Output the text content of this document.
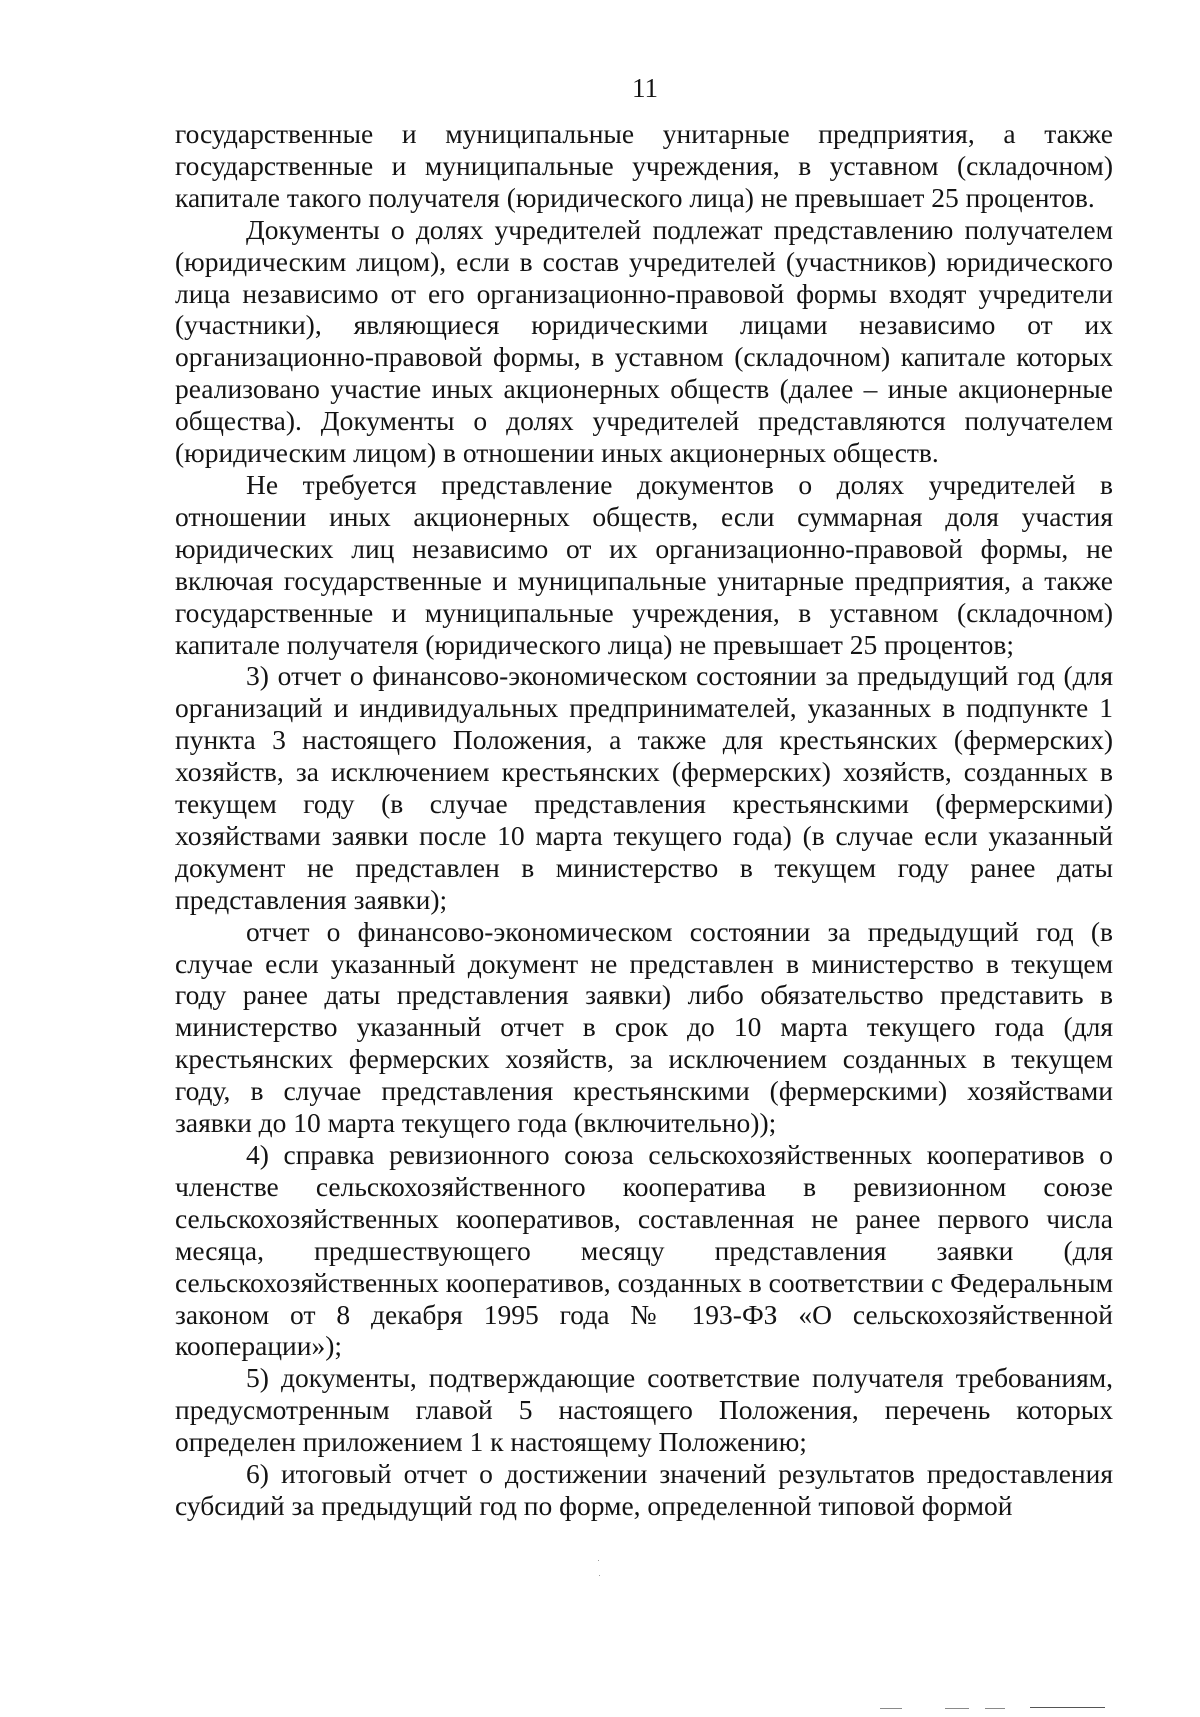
11

государственные и муниципальные унитарные предприятия, а также государственные и муниципальные учреждения, в уставном (складочном) капитале такого получателя (юридического лица) не превышает 25 процентов.

Документы о долях учредителей подлежат представлению получателем (юридическим лицом), если в состав учредителей (участников) юридического лица независимо от его организационно-правовой формы входят учредители (участники), являющиеся юридическими лицами независимо от их организационно-правовой формы, в уставном (складочном) капитале которых реализовано участие иных акционерных обществ (далее – иные акционерные общества). Документы о долях учредителей представляются получателем (юридическим лицом) в отношении иных акционерных обществ.

Не требуется представление документов о долях учредителей в отношении иных акционерных обществ, если суммарная доля участия юридических лиц независимо от их организационно-правовой формы, не включая государственные и муниципальные унитарные предприятия, а также государственные и муниципальные учреждения, в уставном (складочном) капитале получателя (юридического лица) не превышает 25 процентов;

3) отчет о финансово-экономическом состоянии за предыдущий год (для организаций и индивидуальных предпринимателей, указанных в подпункте 1 пункта 3 настоящего Положения, а также для крестьянских (фермерских) хозяйств, за исключением крестьянских (фермерских) хозяйств, созданных в текущем году (в случае представления крестьянскими (фермерскими) хозяйствами заявки после 10 марта текущего года) (в случае если указанный документ не представлен в министерство в текущем году ранее даты представления заявки);

отчет о финансово-экономическом состоянии за предыдущий год (в случае если указанный документ не представлен в министерство в текущем году ранее даты представления заявки) либо обязательство представить в министерство указанный отчет в срок до 10 марта текущего года (для крестьянских фермерских хозяйств, за исключением созданных в текущем году, в случае представления крестьянскими (фермерскими) хозяйствами заявки до 10 марта текущего года (включительно));

4) справка ревизионного союза сельскохозяйственных кооперативов о членстве сельскохозяйственного кооператива в ревизионном союзе сельскохозяйственных кооперативов, составленная не ранее первого числа месяца, предшествующего месяцу представления заявки (для сельскохозяйственных кооперативов, созданных в соответствии с Федеральным законом от 8 декабря 1995 года № 193-ФЗ «О сельскохозяйственной кооперации»);

5) документы, подтверждающие соответствие получателя требованиям, предусмотренным главой 5 настоящего Положения, перечень которых определен приложением 1 к настоящему Положению;

6) итоговый отчет о достижении значений результатов предоставления субсидий за предыдущий год по форме, определенной типовой формой
